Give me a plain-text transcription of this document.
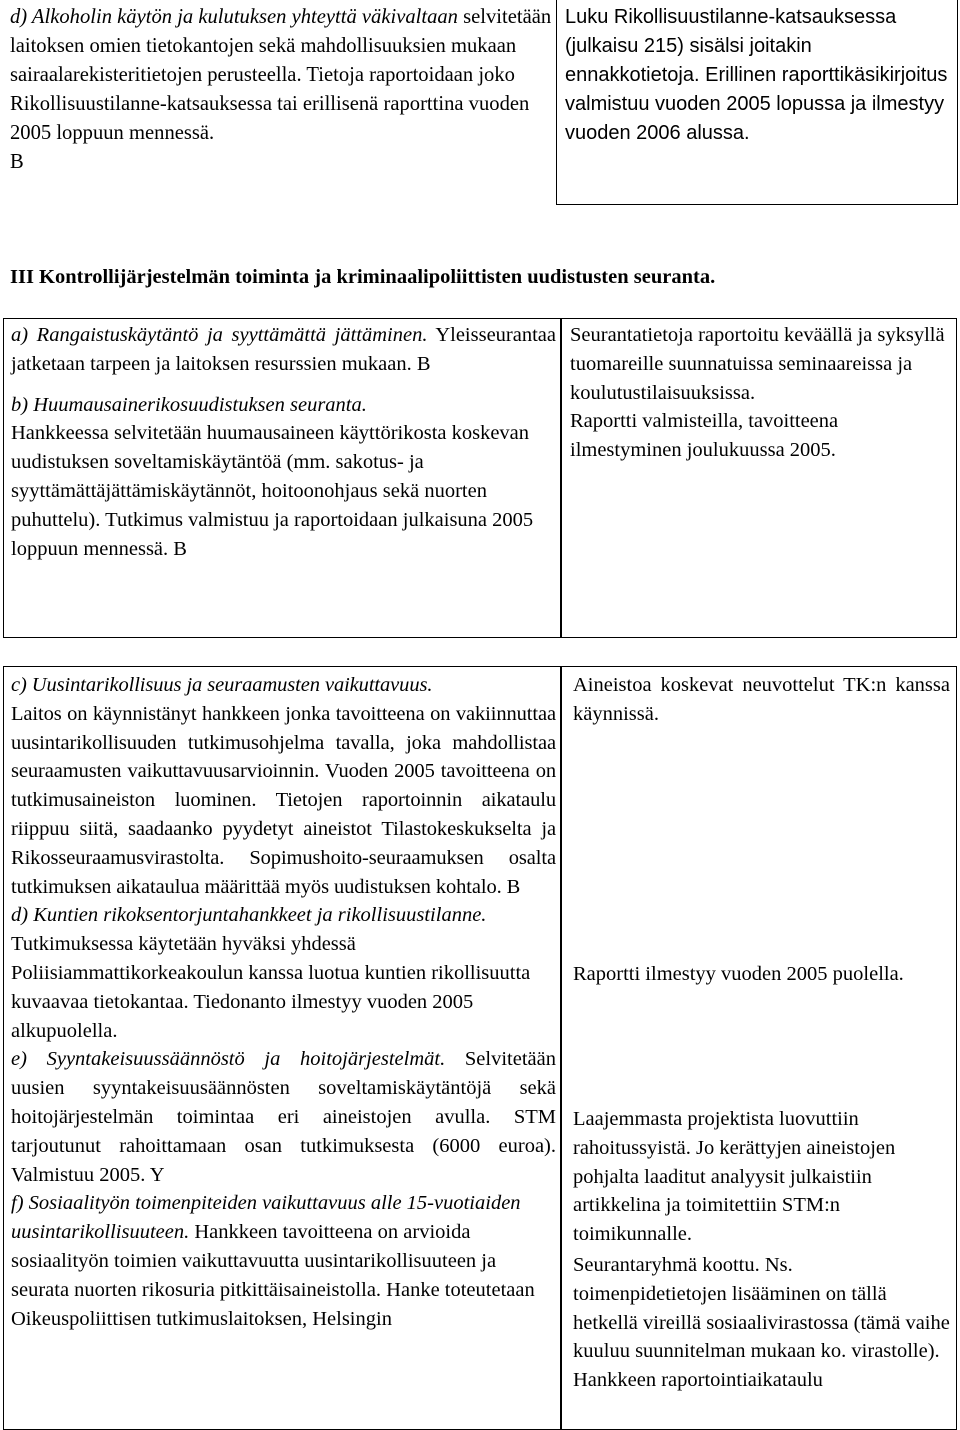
d) Alkoholin käytön ja kulutuksen yhteyttä väkivaltaan selvitetään laitoksen omien tietokantojen sekä mahdollisuuksien mukaan sairaalarekisteritietojen perusteella. Tietoja raportoidaan joko Rikollisuustilanne-katsauksessa tai erillisenä raporttina vuoden 2005 loppuun mennessä.
B

Luku Rikollisuustilanne-katsauksessa (julkaisu 215) sisälsi joitakin ennakkotietoja. Erillinen raporttikäsikirjoitus valmistuu vuoden 2005 lopussa ja ilmestyy vuoden 2006 alussa.

III Kontrollijärjestelmän toiminta ja kriminaalipoliittisten uudistusten seuranta.

a) Rangaistuskäytäntö ja syyttämättä jättäminen. Yleisseurantaa jatketaan tarpeen ja laitoksen resurssien mukaan. B

b) Huumausainerikosuudistuksen seuranta.
Hankkeessa selvitetään huumausaineen käyttörikosta koskevan uudistuksen soveltamiskäytäntöä (mm. sakotus- ja syyttämättäjättämiskäytännöt, hoitoonohjaus sekä nuorten puhuttelu). Tutkimus valmistuu ja raportoidaan julkaisuna 2005 loppuun mennessä. B

Seurantatietoja raportoitu keväällä ja syksyllä tuomareille suunnatuissa seminaareissa ja koulutustilaisuuksissa.

Raportti valmisteilla, tavoitteena ilmestyminen joulukuussa 2005.

c) Uusintarikollisuus ja seuraamusten vaikuttavuus.
Laitos on käynnistänyt hankkeen jonka tavoitteena on vakiinnuttaa uusintarikollisuuden tutkimusohjelma tavalla, joka mahdollistaa seuraamusten vaikuttavuusarvioinnin. Vuoden 2005 tavoitteena on tutkimusaineiston luominen. Tietojen raportoinnin aikataulu riippuu siitä, saadaanko pyydetyt aineistot Tilastokeskukselta ja Rikosseuraamusvirastolta. Sopimushoito-seuraamuksen osalta tutkimuksen aikataulua määrittää myös uudistuksen kohtalo. B

d) Kuntien rikoksentorjuntahankkeet ja rikollisuustilanne. Tutkimuksessa käytetään hyväksi yhdessä Poliisiammattikorkeakoulun kanssa luotua kuntien rikollisuutta kuvaavaa tietokantaa. Tiedonanto ilmestyy vuoden 2005 alkupuolella.

e) Syyntakeisuussäännöstö ja hoitojärjestelmät. Selvitetään uusien syyntakeisuusäännösten soveltamiskäytäntöjä sekä hoitojärjestelmän toimintaa eri aineistojen avulla. STM tarjoutunut rahoittamaan osan tutkimuksesta (6000 euroa). Valmistuu 2005. Y

f) Sosiaalityön toimenpiteiden vaikuttavuus alle 15-vuotiaiden uusintarikollisuuteen. Hankkeen tavoitteena on arvioida sosiaalityön toimien vaikuttavuutta uusintarikollisuuteen ja seurata nuorten rikosuria pitkittäisaineistolla. Hanke toteutetaan Oikeuspoliittisen tutkimuslaitoksen, Helsingin

Aineistoa koskevat neuvottelut TK:n kanssa käynnissä.

Raportti ilmestyy vuoden 2005 puolella.

Laajemmasta projektista luovuttiin rahoitussyistä. Jo kerättyjen aineistojen pohjalta laaditut analyysit julkaistiin artikkelina ja toimitettiin STM:n toimikunnalle.

Seurantaryhmä koottu. Ns. toimenpidetietojen lisääminen on tällä hetkellä vireillä sosiaalivirastossa (tämä vaihe kuuluu suunnitelman mukaan ko. virastolle). Hankkeen raportointiaikataulu
